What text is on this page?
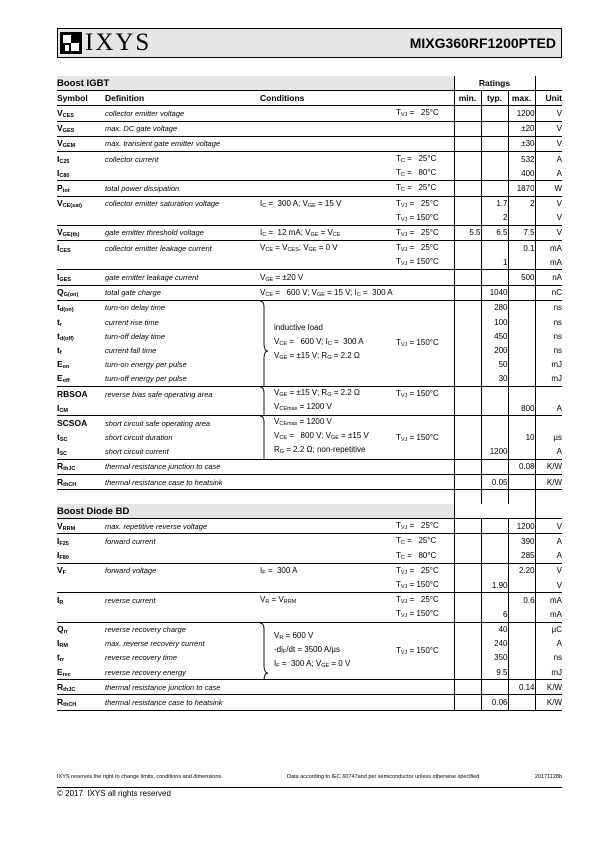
IXYS	MIXG360RF1200PTED
Boost IGBT				Ratings			
Symbol	Definition	Conditions		min.	typ.	max.	Unit
$V_{CES}$	collector emitter voltage		$T_{VJ} = 25^\circ C$			1200	V
$V_{GES}$	max. DC gate voltage					±20	V
$V_{GEM}$	max. transient gate emitter voltage					±30	V
$I_{C25}$	collector current		$T_C = 25^\circ C$			532	A
$I_{C80}$			$T_C = 80^\circ C$			400	A
$P_{tot}$	total power dissipation		$T_C = 25^\circ C$			1870	W
$V_{CE(sat)}$	collector emitter saturation voltage	$I_C = 300$ A; $V_{GE} = 15$ V	$T_{VJ} = 25^\circ C$		1.7	2	V
			$T_{VJ} = 150^\circ C$		2		V
$V_{GE(th)}$	gate emitter threshold voltage	$I_C = 12$ mA; $V_{GE} = V_{CE}$	$T_{VJ} = 25^\circ C$	5.5	6.5	7.5	V
$I_{CES}$	collector emitter leakage current	$V_{CE} = V_{CES}$; $V_{GE} = 0$ V	$T_{VJ} = 25^\circ C$			0.1	mA
			$T_{VJ} = 150^\circ C$		1		mA
$I_{GES}$	gate emitter leakage current	$V_{GE} = \pm 20$ V				500	nA
$Q_{G(on)}$	total gate charge	$V_{CE} = 600$ V; $V_{GE} = 15$ V; $I_C = 300$ A			1040		nC
$t_{d(on)}$	turn-on delay time	inductive load
$V_{CE} = 600$ V; $I_C = 300$ A
$V_{GE} = \pm 15$ V; $R_G = 2.2$ Ω	$T_{VJ} = 150^\circ C$		280		ns
$t_r$	current rise time				100		ns
$t_{d(off)}$	turn-off delay time				450		ns
$t_f$	current fall time				200		ns
$E_{on}$	turn-on energy per pulse				50		mJ
$E_{off}$	turn-off energy per pulse				30		mJ
RBSOA	reverse bias safe operating area	$V_{GE} = \pm 15$ V; $R_G = 2.2$ Ω
$V_{CEmax} = 1200$ V	$T_{VJ} = 150^\circ C$				
$I_{CM}$						800	A
SCSOA	short circuit safe operating area	$V_{CEmax} = 1200$ V
$V_{CE} = 800$ V; $V_{GE} = \pm 15$ V
$R_G = 2.2$ Ω; non-repetitive					

$t_{SC}$	short circuit duration		$T_{VJ} = 150^\circ C$			10	µs
$I_{SC}$	short circuit current				1200		A
$R_{thJC}$	thermal resistance junction to case					0.08	K/W
$R_{thCH}$	thermal resistance case to heatsink				0.05		K/W

Boost Diode BD							
$V_{RRM}$	max. repetitive reverse voltage		$T_{VJ} = 25^\circ C$			1200	V
$I_{F25}$	forward current		$T_C = 25^\circ C$			390	A
$I_{F80}$			$T_C = 80^\circ C$			285	A
$V_F$	forward voltage	$I_F = 300$ A	$T_{VJ} = 25^\circ C$			2.20	V
			$T_{VJ} = 150^\circ C$		1.90		V
$I_R$	reverse current	$V_R = V_{RRM}$	$T_{VJ} = 25^\circ C$			0.6	mA
			$T_{VJ} = 150^\circ C$		6		mA
$Q_{rr}$	reverse recovery charge	$V_R = 600$ V
$-di_F/dt = 3500$ A/µs
$I_F = 300$ A; $V_{GE} = 0$ V	$T_{VJ} = 150^\circ C$		40		µC
$I_{RM}$	max. reverse recovery current				240		A
$t_{rr}$	reverse recovery time				350		ns
$E_{rec}$	reverse recovery energy				9.5		mJ
$R_{thJC}$	thermal resistance junction to case					0.14	K/W
$R_{thCH}$	thermal resistance case to heatsink				0.06		K/W
IXYS reserves the right to change limits, conditions and dimensions.	Data according to IEC 60747and per semiconductor unless otherwise specified	20171128b
© 2017  IXYS all rights reserved
